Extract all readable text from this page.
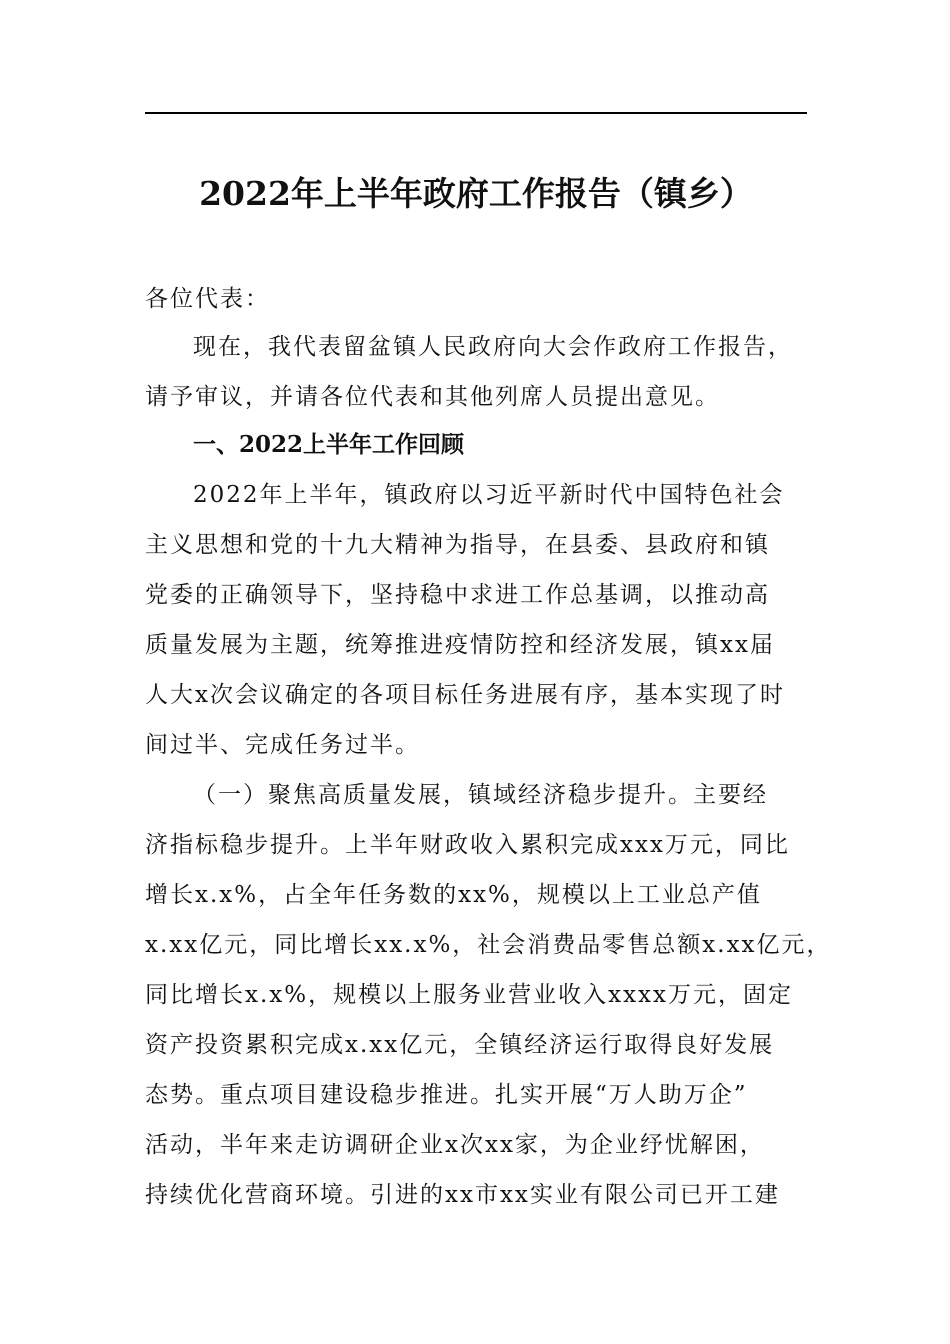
2022年上半年政府工作报告（镇乡）
各位代表：
现在，我代表留盆镇人民政府向大会作政府工作报告，
请予审议，并请各位代表和其他列席人员提出意见。
一、2022上半年工作回顾
2022年上半年，镇政府以习近平新时代中国特色社会
主义思想和党的十九大精神为指导，在县委、县政府和镇
党委的正确领导下，坚持稳中求进工作总基调，以推动高
质量发展为主题，统筹推进疫情防控和经济发展，镇xx届
人大x次会议确定的各项目标任务进展有序，基本实现了时
间过半、完成任务过半。
（一）聚焦高质量发展，镇域经济稳步提升。主要经
济指标稳步提升。上半年财政收入累积完成xxx万元，同比
增长x.x%，占全年任务数的xx%，规模以上工业总产值
x.xx亿元，同比增长xx.x%，社会消费品零售总额x.xx亿元，
同比增长x.x%，规模以上服务业营业收入xxxx万元，固定
资产投资累积完成x.xx亿元，全镇经济运行取得良好发展
态势。重点项目建设稳步推进。扎实开展“万人助万企”
活动，半年来走访调研企业x次xx家，为企业纾忧解困，
持续优化营商环境。引进的xx市xx实业有限公司已开工建
